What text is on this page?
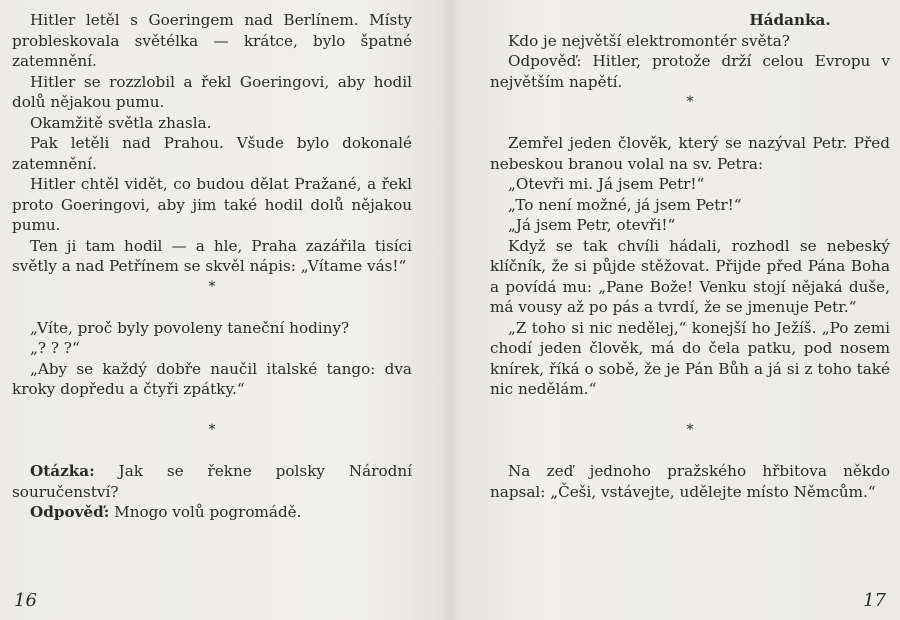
Hitler letěl s Goeringem nad Berlínem. Místy probleskovala světélka — krátce, bylo špatné zatemnění.

Hitler se rozzlobil a řekl Goeringovi, aby hodil dolů nějakou pumu.

Okamžitě světla zhasla.

Pak letěli nad Prahou. Všude bylo dokonalé zatemnění.

Hitler chtěl vidět, co budou dělat Pražané, a řekl proto Goeringovi, aby jim také hodil dolů nějakou pumu.

Ten ji tam hodil — a hle, Praha zazářila tisíci světly a nad Petřínem se skvěl nápis: „Vítame vás!“

*

„Víte, proč byly povoleny taneční hodiny?

„? ? ?“

„Aby se každý dobře naučil italské tango: dva kroky dopředu a čtyři zpátky.“

*

Otázka: Jak se řekne polsky Národní souručenství?

Odpověď: Mnogo volů pogromádě.

16

Hádanka.

Kdo je největší elektromontér světa?

Odpověď: Hitler, protože drží celou Evropu v největším napětí.

*

Zemřel jeden člověk, který se nazýval Petr. Před nebeskou branou volal na sv. Petra:

„Otevři mi. Já jsem Petr!“

„To není možné, já jsem Petr!“

„Já jsem Petr, otevři!“

Když se tak chvíli hádali, rozhodl se nebeský klíčník, že si půjde stěžovat. Přijde před Pána Boha a povídá mu: „Pane Bože! Venku stojí nějaká duše, má vousy až po pás a tvrdí, že se jmenuje Petr.“

„Z toho si nic nedělej,“ konejší ho Ježíš. „Po zemi chodí jeden člověk, má do čela patku, pod nosem knírek, říká o sobě, že je Pán Bůh a já si z toho také nic nedělám.“

*

Na zeď jednoho pražského hřbitova někdo napsal: „Češi, vstávejte, udělejte místo Němcům.“

17
